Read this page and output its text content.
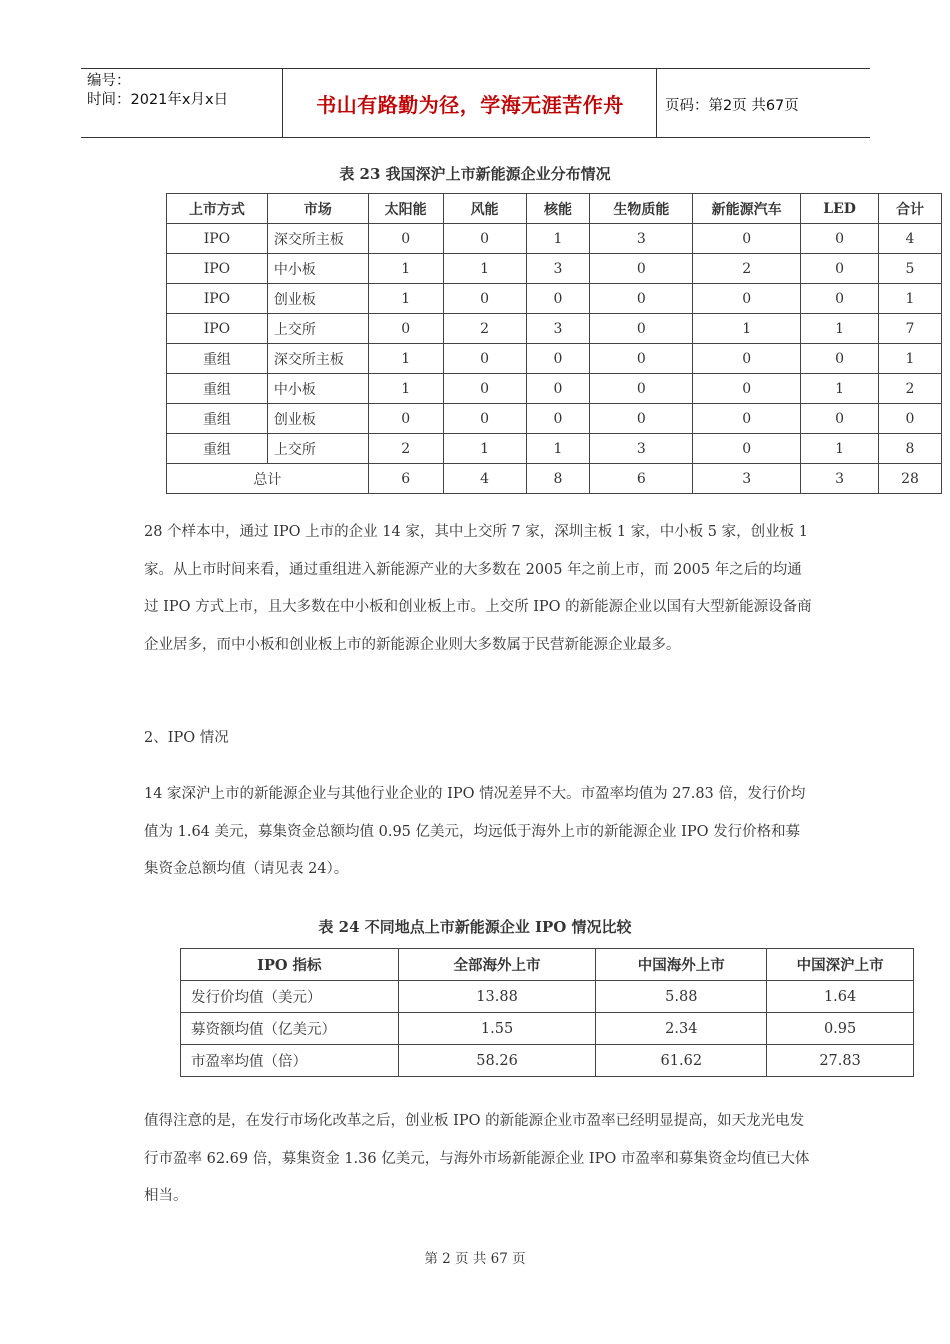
编号：
时间：2021年x月x日	书山有路勤为径，学海无涯苦作舟	页码：第2页 共67页
表 23 我国深沪上市新能源企业分布情况
上市方式	市场	太阳能	风能	核能	生物质能	新能源汽车	LED	合计
IPO	深交所主板	0	0	1	3	0	0	4
IPO	中小板	1	1	3	0	2	0	5
IPO	创业板	1	0	0	0	0	0	1
IPO	上交所	0	2	3	0	1	1	7
重组	深交所主板	1	0	0	0	0	0	1
重组	中小板	1	0	0	0	0	1	2
重组	创业板	0	0	0	0	0	0	0
重组	上交所	2	1	1	3	0	1	8
总计		6	4	8	6	3	3	28
28 个样本中，通过 IPO 上市的企业 14 家，其中上交所 7 家，深圳主板 1 家，中小板 5 家，创业板 1 家。从上市时间来看，通过重组进入新能源产业的大多数在 2005 年之前上市，而 2005 年之后的均通过 IPO 方式上市，且大多数在中小板和创业板上市。上交所 IPO 的新能源企业以国有大型新能源设备商企业居多，而中小板和创业板上市的新能源企业则大多数属于民营新能源企业最多。
2、IPO 情况
14 家深沪上市的新能源企业与其他行业企业的 IPO 情况差异不大。市盈率均值为 27.83 倍，发行价均值为 1.64 美元，募集资金总额均值 0.95 亿美元，均远低于海外上市的新能源企业 IPO 发行价格和募集资金总额均值（请见表 24）。
表 24 不同地点上市新能源企业 IPO 情况比较
IPO 指标	全部海外上市	中国海外上市	中国深沪上市
发行价均值（美元）	13.88	5.88	1.64
募资额均值（亿美元）	1.55	2.34	0.95
市盈率均值（倍）	58.26	61.62	27.83
值得注意的是，在发行市场化改革之后，创业板 IPO 的新能源企业市盈率已经明显提高，如天龙光电发行市盈率 62.69 倍，募集资金 1.36 亿美元，与海外市场新能源企业 IPO 市盈率和募集资金均值已大体相当。
第 2 页 共 67 页
